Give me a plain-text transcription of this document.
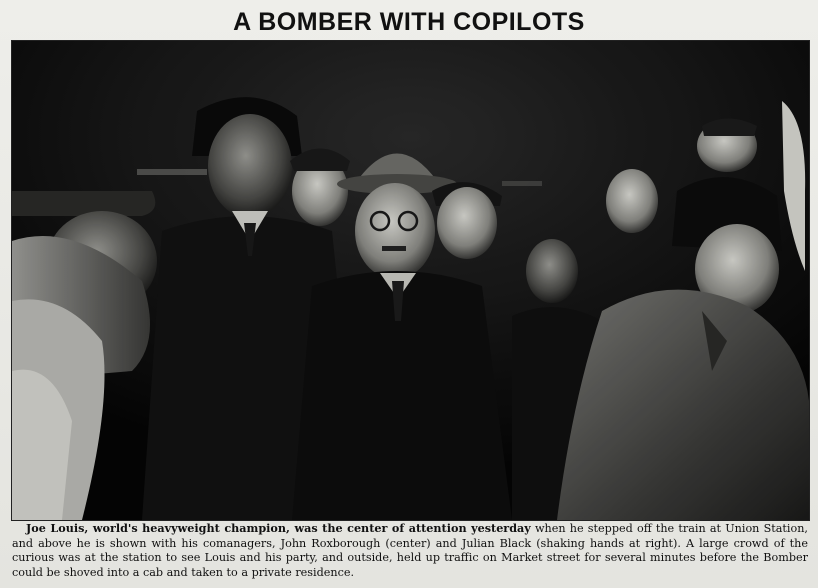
A BOMBER WITH COPILOTS
Joe Louis, world's heavyweight champion, was the center of attention yesterday when he stepped off the train at Union Station, and above he is shown with his comanagers, John Roxborough (center) and Julian Black (shaking hands at right). A large crowd of the curious was at the station to see Louis and his party, and outside, held up traffic on Market street for several minutes before the Bomber could be shoved into a cab and taken to a private residence.
